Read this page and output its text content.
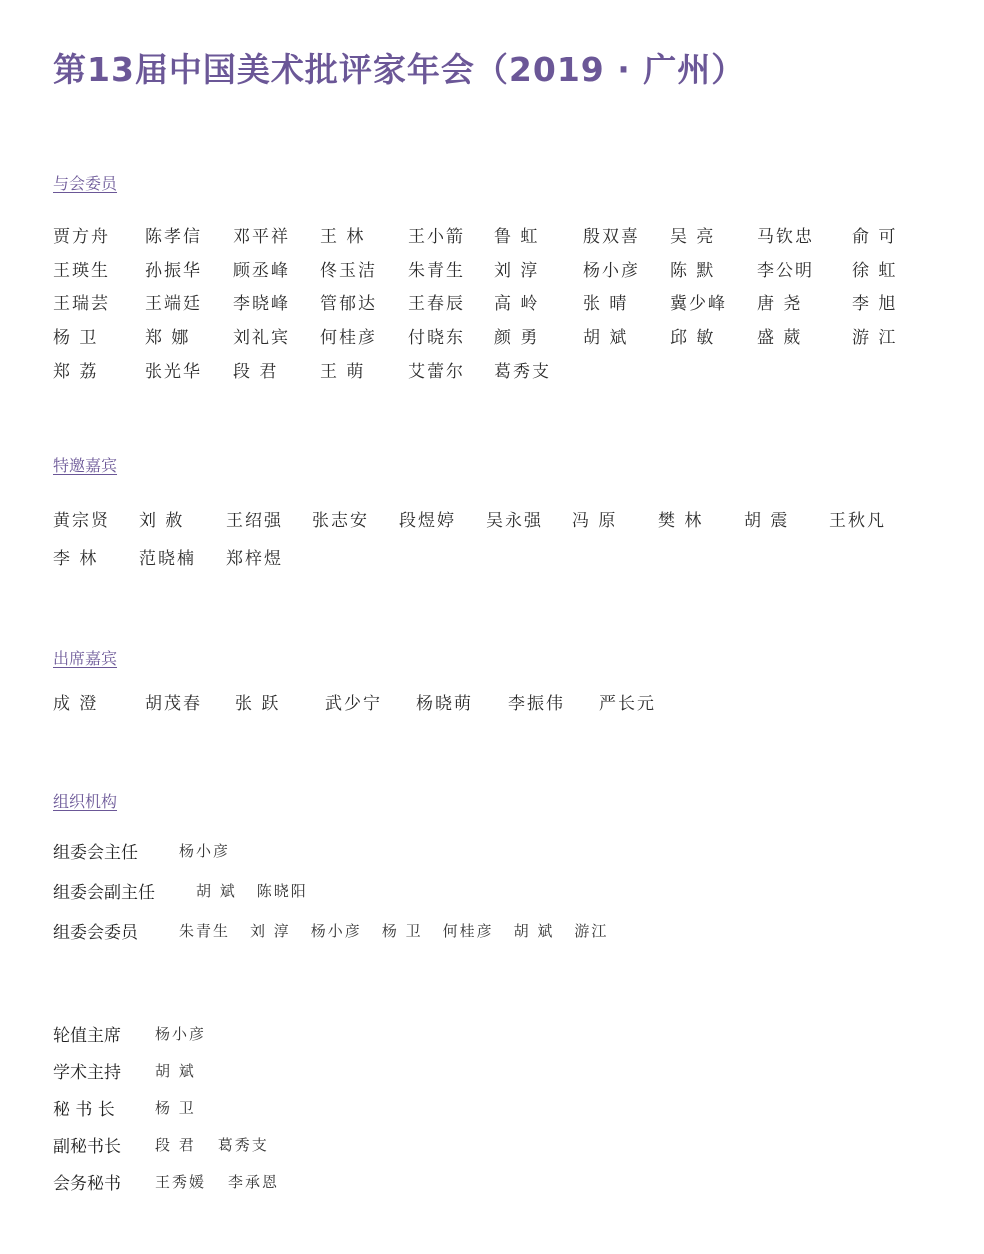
第13届中国美术批评家年会（2019 · 广州）
与会委员
特邀嘉宾
出席嘉宾
组织机构
贾方舟 陈孝信 邓平祥 王 林	王小箭 鲁 虹	殷双喜 吴 亮 马钦忠 俞 可
王瑛生 孙振华 顾丞峰 佟玉洁 朱青生 刘 淳	杨小彦 陈 默 李公明 徐 虹
王瑞芸 王端廷 李晓峰 管郁达 王春辰 高 岭	张 晴 冀少峰 唐 尧	李 旭
杨 卫	郑 娜	刘礼宾 何桂彦 付晓东 颜 勇	胡 斌 邱 敏 盛 葳	游 江
郑 荔	张光华 段 君 王 萌	艾蕾尔 葛秀支
黄宗贤 刘 赦 王绍强 张志安 段煜婷 吴永强 冯 原 樊 林 胡 震 王秋凡
李 林 范晓楠 郑梓煜
成 澄	胡茂春 张 跃	武少宁 杨晓萌 李振伟 严长元
组委会主任	杨小彦
组委会副主任	胡 斌 陈晓阳
组委会委员	朱青生 刘 淳 杨小彦 杨 卫 何桂彦 胡 斌 游江
轮值主席 杨小彦
学术主持 胡 斌
秘 书 长	杨 卫
副秘书长 段 君 葛秀支
会务秘书 王秀媛 李承恩
